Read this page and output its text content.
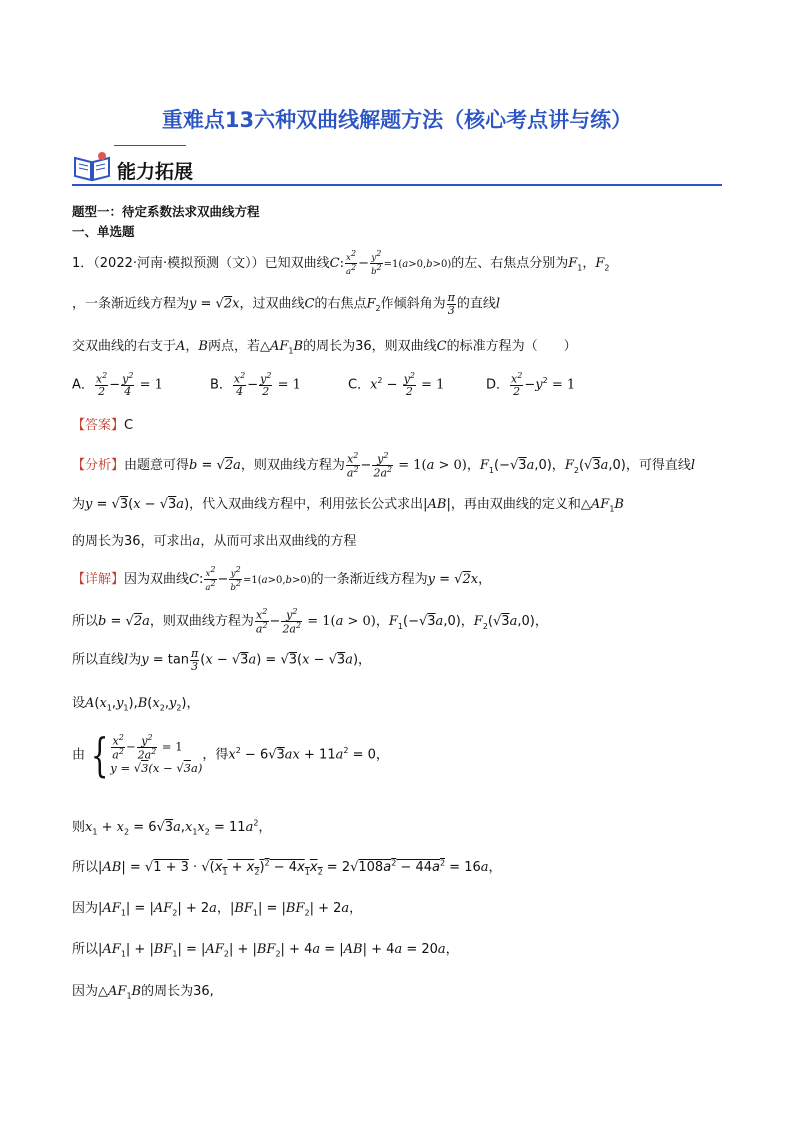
重难点13六种双曲线解题方法（核心考点讲与练）
能力拓展
题型一：待定系数法求双曲线方程
一、单选题
1．（2022·河南·模拟预测（文））已知双曲线C: $\frac{x^2}{a^2} - \frac{y^2}{b^2} =1(a>0,b>0)$的左、右焦点分别为$F_1$，$F_2$
，一条渐近线方程为y = √2x，过双曲线C的右焦点$F_2$作倾斜角为 $\frac{\pi}{3}$ 的直线l
交双曲线的右支于A，B两点，若$\triangle AF_1B$的周长为36，则双曲线C的标准方程为（　　）
A． $\frac{x^2}{2} - \frac{y^2}{4} = 1$	B． $\frac{x^2}{4} - \frac{y^2}{2} = 1$	C．$x^2 - \frac{y^2}{2} = 1$	D． $\frac{x^2}{2} -y^2 = 1$
【答案】C
【分析】由题意可得b = √2a，则双曲线方程为 $\frac{x^2}{a^2} - \frac{y^2}{2a^2} = 1(a > 0)$，$F_1(-√3a,0)$，$F_2(√3a,0)$，可得直线l
为y = √3(x − √3a)，代入双曲线方程中，利用弦长公式求出|AB|，再由双曲线的定义和$\triangle AF_1B$
的周长为36，可求出a，从而可求出双曲线的方程
【详解】因为双曲线C: $\frac{x^2}{a^2} - \frac{y^2}{b^2} =1(a>0,b>0)$的一条渐近线方程为y = √2x，
所以b = √2a，则双曲线方程为 $\frac{x^2}{a^2} - \frac{y^2}{2a^2} = 1(a > 0)$，$F_1(-√3a,0)$，$F_2(√3a,0)$，
所以直线l为$y = \tan \frac{\pi}{3} (x - √3a) = √3(x - √3a)$，
设$A(x_1,y_1),B(x_2,y_2)$，
由 { $\frac{x^2}{a^2} - \frac{y^2}{2a^2} = 1$
y = √3(x − √3a)
，得$x^2 - 6√3ax + 11a^2 = 0$，
则$x_1 + x_2 = 6√3a,x_1x_2 = 11a^2$，
所以$|AB| = √1 + 3 \cdot √(x_1 + x_2)^2 - 4x_1x_2 = 2√108a^2 - 44a^2 = 16a$，
因为$|AF_1| = |AF_2| + 2a$，$|BF_1| = |BF_2| + 2a$，
所以$|AF_1| + |BF_1| = |AF_2| + |BF_2| + 4a = |AB| + 4a = 20a$，
因为$\triangle AF_1B$的周长为36,
